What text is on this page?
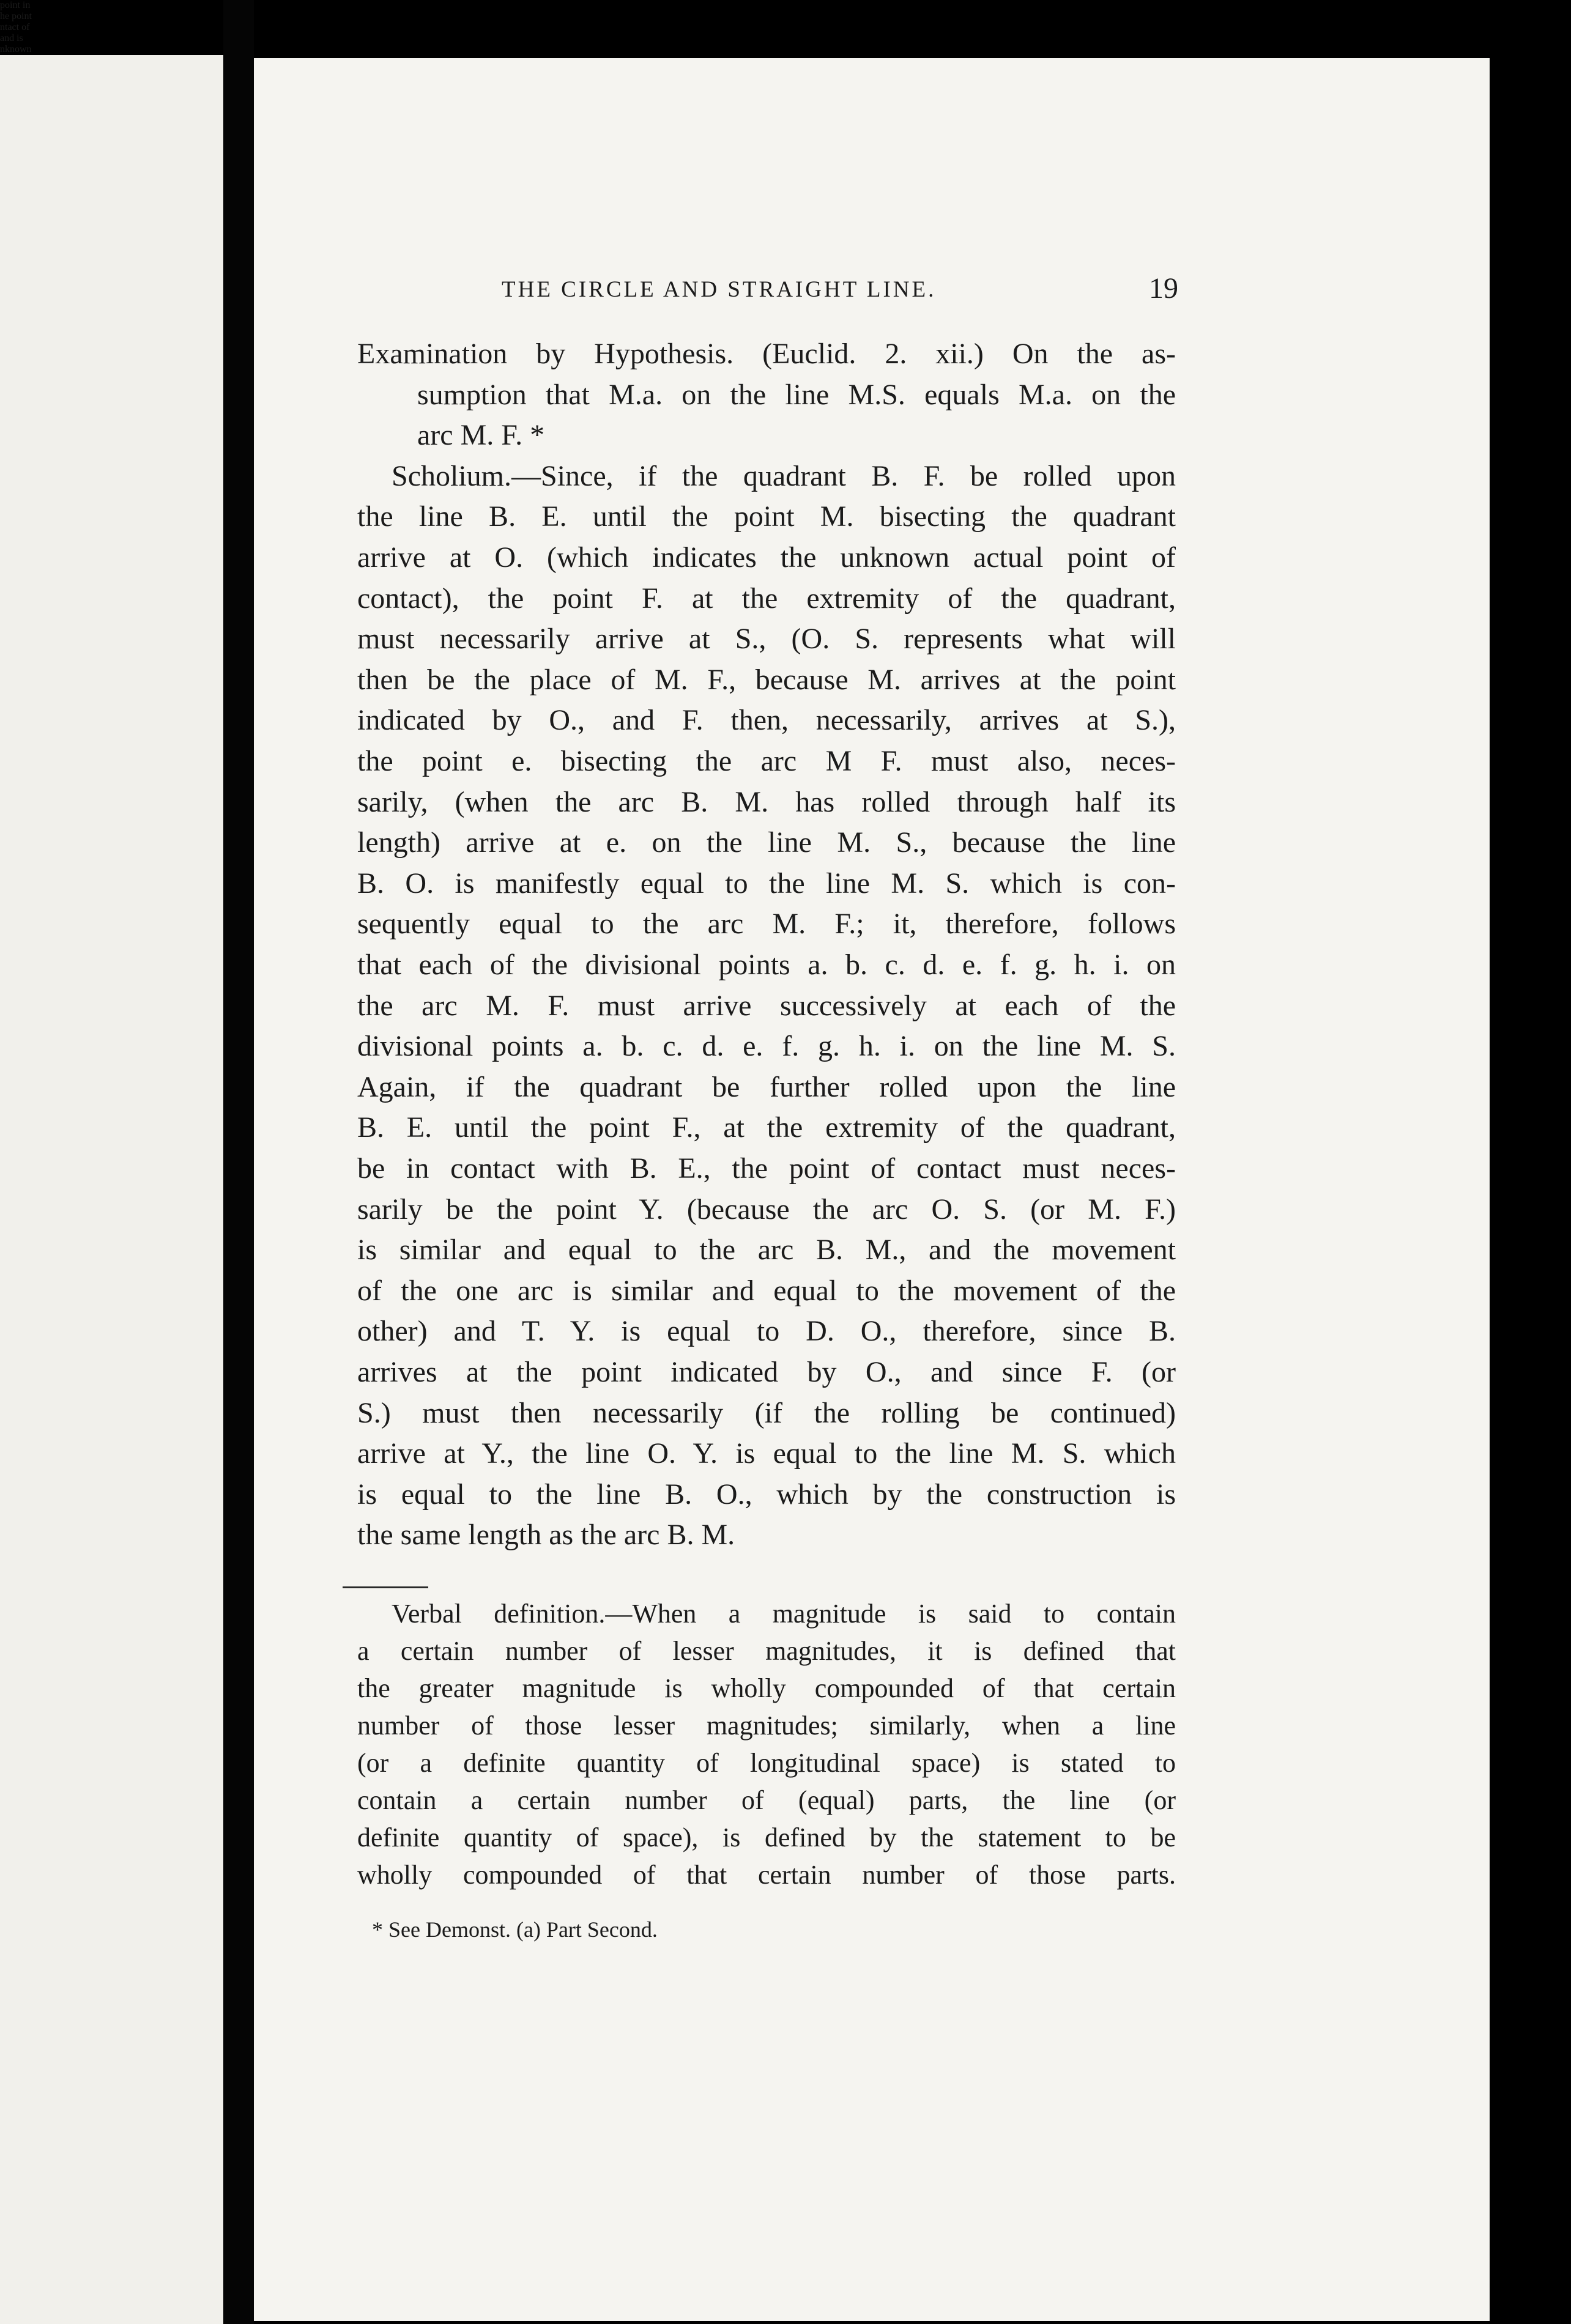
point in
he point
ntact of
and is
nknown
THE CIRCLE AND STRAIGHT LINE.	19
Examination by Hypothesis. (Euclid. 2. xii.) On the as-
sumption that M.a. on the line M.S. equals M.a. on the
arc M. F. *
Scholium.—Since, if the quadrant B. F. be rolled upon
the line B. E. until the point M. bisecting the quadrant
arrive at O. (which indicates the unknown actual point of
contact), the point F. at the extremity of the quadrant,
must necessarily arrive at S., (O. S. represents what will
then be the place of M. F., because M. arrives at the point
indicated by O., and F. then, necessarily, arrives at S.),
the point e. bisecting the arc M F. must also, neces-
sarily, (when the arc B. M. has rolled through half its
length) arrive at e. on the line M. S., because the line
B. O. is manifestly equal to the line M. S. which is con-
sequently equal to the arc M. F.; it, therefore, follows
that each of the divisional points a. b. c. d. e. f. g. h. i. on
the arc M. F. must arrive successively at each of the
divisional points a. b. c. d. e. f. g. h. i. on the line M. S.
Again, if the quadrant be further rolled upon the line
B. E. until the point F., at the extremity of the quadrant,
be in contact with B. E., the point of contact must neces-
sarily be the point Y. (because the arc O. S. (or M. F.)
is similar and equal to the arc B. M., and the movement
of the one arc is similar and equal to the movement of the
other) and T. Y. is equal to D. O., therefore, since B.
arrives at the point indicated by O., and since F. (or
S.) must then necessarily (if the rolling be continued)
arrive at Y., the line O. Y. is equal to the line M. S. which
is equal to the line B. O., which by the construction is
the same length as the arc B. M.
Verbal definition.—When a magnitude is said to contain
a certain number of lesser magnitudes, it is defined that
the greater magnitude is wholly compounded of that certain
number of those lesser magnitudes; similarly, when a line
(or a definite quantity of longitudinal space) is stated to
contain a certain number of (equal) parts, the line (or
definite quantity of space), is defined by the statement to be
wholly compounded of that certain number of those parts.
* See Demonst. (a) Part Second.
